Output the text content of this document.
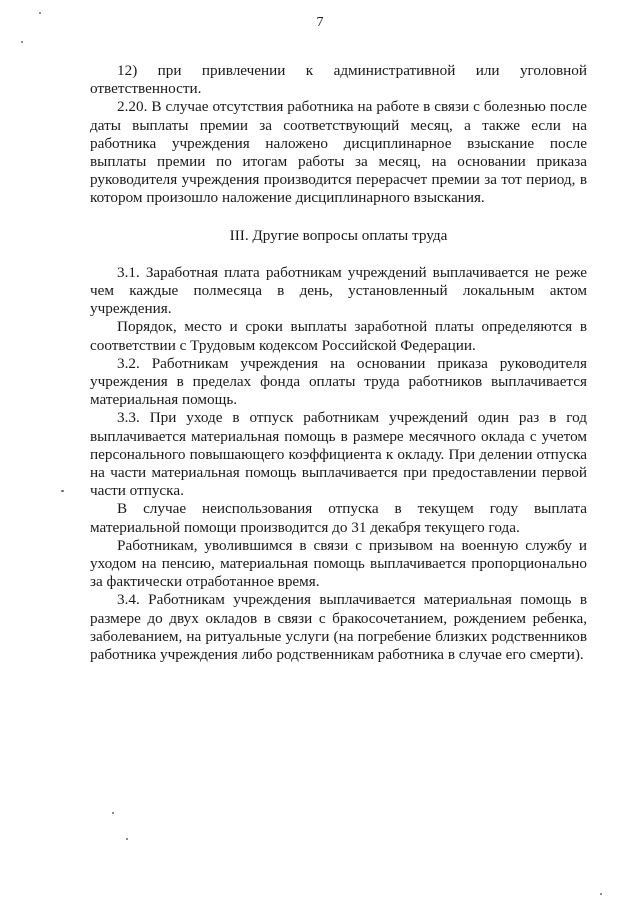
7

12) при привлечении к административной или уголовной ответственности.

2.20. В случае отсутствия работника на работе в связи с болезнью после даты выплаты премии за соответствующий месяц, а также если на работника учреждения наложено дисциплинарное взыскание после выплаты премии по итогам работы за месяц, на основании приказа руководителя учреждения производится перерасчет премии за тот период, в котором произошло наложение дисциплинарного взыскания.

III. Другие вопросы оплаты труда

3.1. Заработная плата работникам учреждений выплачивается не реже чем каждые полмесяца в день, установленный локальным актом учреждения.

Порядок, место и сроки выплаты заработной платы определяются в соответствии с Трудовым кодексом Российской Федерации.

3.2. Работникам учреждения на основании приказа руководителя учреждения в пределах фонда оплаты труда работников выплачивается материальная помощь.

3.3. При уходе в отпуск работникам учреждений один раз в год выплачивается материальная помощь в размере месячного оклада с учетом персонального повышающего коэффициента к окладу. При делении отпуска на части материальная помощь выплачивается при предоставлении первой части отпуска.

В случае неиспользования отпуска в текущем году выплата материальной помощи производится до 31 декабря текущего года.

Работникам, уволившимся в связи с призывом на военную службу и уходом на пенсию, материальная помощь выплачивается пропорционально за фактически отработанное время.

3.4. Работникам учреждения выплачивается материальная помощь в размере до двух окладов в связи с бракосочетанием, рождением ребенка, заболеванием, на ритуальные услуги (на погребение близких родственников работника учреждения либо родственникам работника в случае его смерти).
